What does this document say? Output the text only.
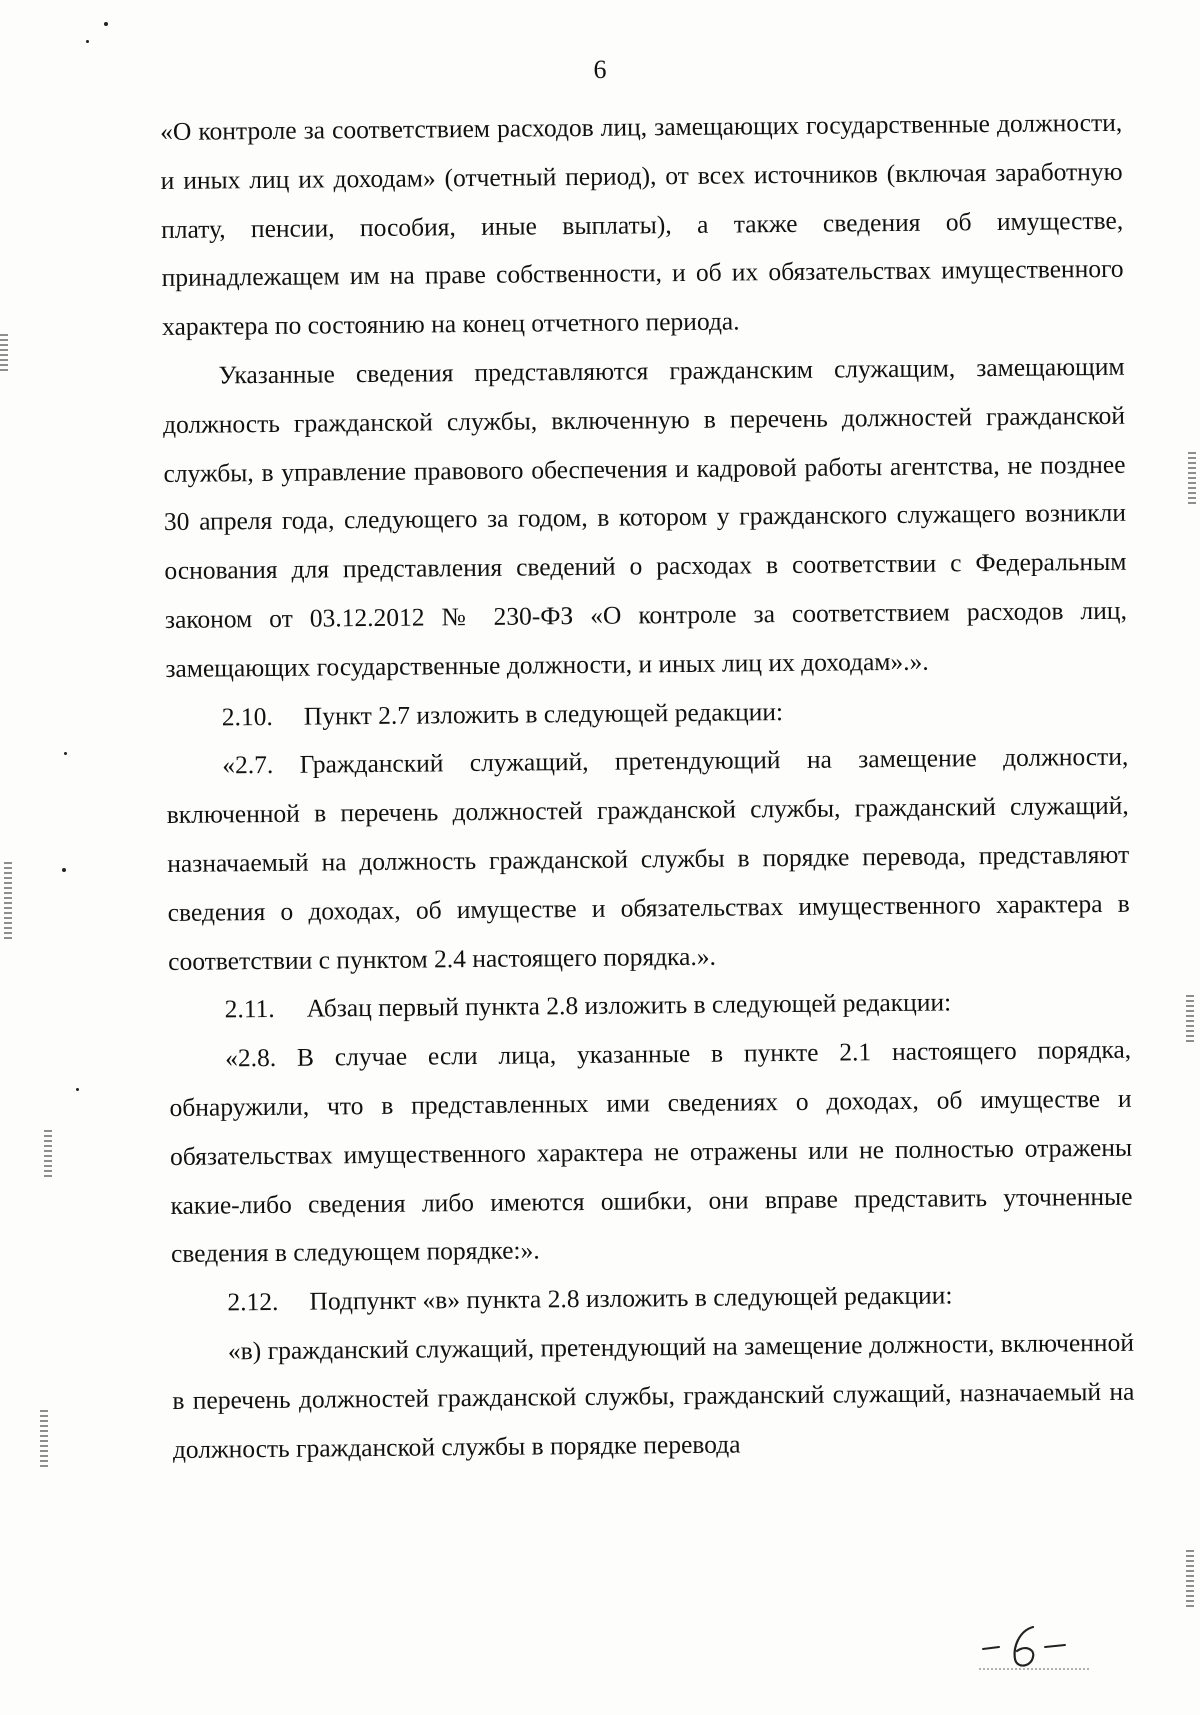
6

«О контроле за соответствием расходов лиц, замещающих государственные должности, и иных лиц их доходам» (отчетный период), от всех источников (включая заработную плату, пенсии, пособия, иные выплаты), а также сведения об имуществе, принадлежащем им на праве собственности, и об их обязательствах имущественного характера по состоянию на конец отчетного периода.

Указанные сведения представляются гражданским служащим, замещающим должность гражданской службы, включенную в перечень должностей гражданской службы, в управление правового обеспечения и кадровой работы агентства, не позднее 30 апреля года, следующего за годом, в котором у гражданского служащего возникли основания для представления сведений о расходах в соответствии с Федеральным законом от 03.12.2012 № 230-ФЗ «О контроле за соответствием расходов лиц, замещающих государственные должности, и иных лиц их доходам».».

2.10. Пункт 2.7 изложить в следующей редакции:

«2.7. Гражданский служащий, претендующий на замещение должности, включенной в перечень должностей гражданской службы, гражданский служащий, назначаемый на должность гражданской службы в порядке перевода, представляют сведения о доходах, об имуществе и обязательствах имущественного характера в соответствии с пунктом 2.4 настоящего порядка.».

2.11. Абзац первый пункта 2.8 изложить в следующей редакции:

«2.8. В случае если лица, указанные в пункте 2.1 настоящего порядка, обнаружили, что в представленных ими сведениях о доходах, об имуществе и обязательствах имущественного характера не отражены или не полностью отражены какие-либо сведения либо имеются ошибки, они вправе представить уточненные сведения в следующем порядке:».

2.12. Подпункт «в» пункта 2.8 изложить в следующей редакции:

«в) гражданский служащий, претендующий на замещение должности, включенной в перечень должностей гражданской службы, гражданский служащий, назначаемый на должность гражданской службы в порядке перевода
